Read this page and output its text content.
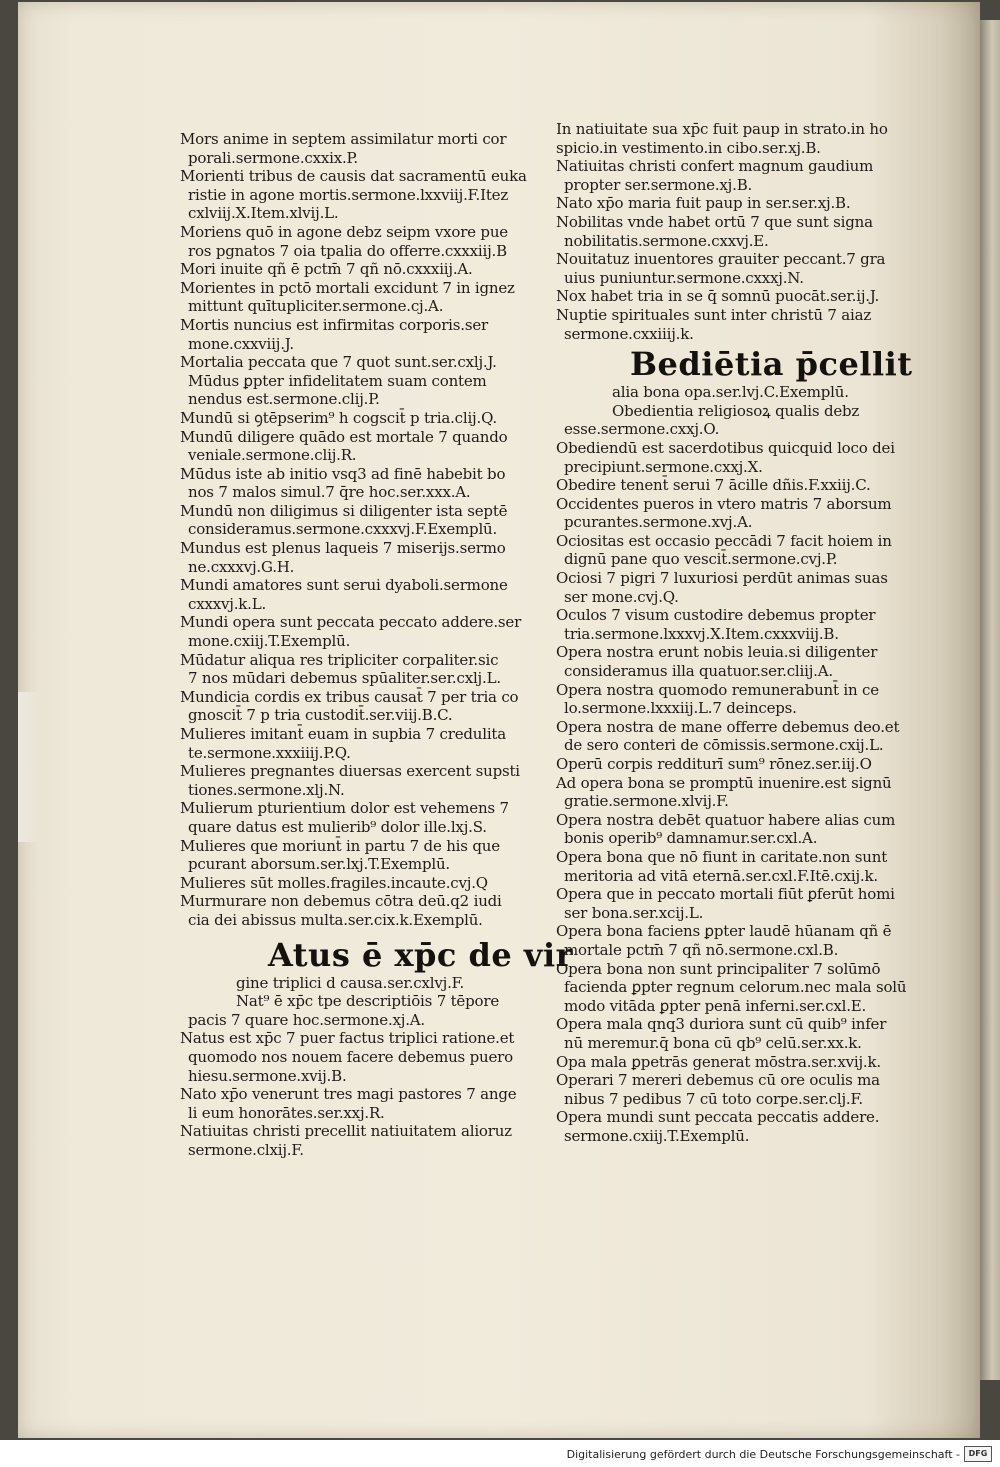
Mors anime in septem assimilatur morti cor
porali.sermone.cxxix.P.
Morienti tribus de causis dat sacramentū euka
ristie in agone mortis.sermone.lxxviij.F.Itez
cxlviij.X.Item.xlvij.L.
Moriens quō in agone debz seipm vxore pue
ros pgnatos 7 oia tpalia do offerre.cxxxiij.B
Mori inuite qñ ē pctm̄ 7 qñ nō.cxxxiij.A.
Morientes in pctō mortali excidunt 7 in ignez
mittunt quītupliciter.sermone.cj.A.
Mortis nuncius est infirmitas corporis.ser
mone.cxxviij.J.
Mortalia peccata que 7 quot sunt.ser.cxlj.J.
Mūdus ꝑpter infidelitatem suam contem
nendus est.sermone.clij.P.
Mundū si ꝯtēpserim⁹ h cogscit̄ p tria.clij.Q.
Mundū diligere quādo est mortale 7 quando
veniale.sermone.clij.R.
Mūdus iste ab initio vsq3 ad finē habebit bo
nos 7 malos simul.7 q̄re hoc.ser.xxx.A.
Mundū non diligimus si diligenter ista septē
consideramus.sermone.cxxxvj.F.Exemplū.
Mundus est plenus laqueis 7 miserijs.sermo
ne.cxxxvj.G.H.
Mundi amatores sunt serui dyaboli.sermone
cxxxvj.k.L.
Mundi opera sunt peccata peccato addere.ser
mone.cxiij.T.Exemplū.
Mūdatur aliqua res tripliciter corpaliter.sic
7 nos mūdari debemus spūaliter.ser.cxlj.L.
Mundicia cordis ex tribus causat̄ 7 per tria co
gnoscit̄ 7 p tria custodit̄.ser.viij.B.C.
Mulieres imitant̄ euam in supbia 7 credulita
te.sermone.xxxiiij.P.Q.
Mulieres pregnantes diuersas exercent supsti
tiones.sermone.xlj.N.
Mulierum pturientium dolor est vehemens 7
quare datus est mulierib⁹ dolor ille.lxj.S.
Mulieres que moriunt̄ in partu 7 de his que
pcurant aborsum.ser.lxj.T.Exemplū.
Mulieres sūt molles.fragiles.incaute.cvj.Q
Murmurare non debemus cōtra deū.q2 iudi
cia dei abissus multa.ser.cix.k.Exemplū.
Atus ē xp̄c de vir
gine triplici d causa.ser.cxlvj.F.
Nat⁹ ē xp̄c tpe descriptiōis 7 tēpore
pacis 7 quare hoc.sermone.xj.A.
Natus est xp̄c 7 puer factus triplici ratione.et
quomodo nos nouem facere debemus puero
hiesu.sermone.xvij.B.
Nato xp̄o venerunt tres magi pastores 7 ange
li eum honorātes.ser.xxj.R.
Natiuitas christi precellit natiuitatem alioruz
sermone.clxij.F.
In natiuitate sua xp̄c fuit paup in strato.in ho
spicio.in vestimento.in cibo.ser.xj.B.
Natiuitas christi confert magnum gaudium
propter ser.sermone.xj.B.
Nato xp̄o maria fuit paup in ser.ser.xj.B.
Nobilitas vnde habet ortū 7 que sunt signa
nobilitatis.sermone.cxxvj.E.
Nouitatuz inuentores grauiter peccant.7 gra
uius puniuntur.sermone.cxxxj.N.
Nox habet tria in se q̄ somnū puocāt.ser.ij.J.
Nuptie spirituales sunt inter christū 7 aiaz
sermone.cxxiiij.k.
Bediētia p̄cellit
alia bona opa.ser.lvj.C.Exemplū.
Obedientia religiosoꝝ qualis debz
esse.sermone.cxxj.O.
Obediendū est sacerdotibus quicquid loco dei
precipiunt.sermone.cxxj.X.
Obedire tenent̄ serui 7 ācille dñis.F.xxiij.C.
Occidentes pueros in vtero matris 7 aborsum
pcurantes.sermone.xvj.A.
Ociositas est occasio peccādi 7 facit hoiem in
dignū pane quo vescit̄.sermone.cvj.P.
Ociosi 7 pigri 7 luxuriosi perdūt animas suas
ser mone.cvj.Q.
Oculos 7 visum custodire debemus propter
tria.sermone.lxxxvj.X.Item.cxxxviij.B.
Opera nostra erunt nobis leuia.si diligenter
consideramus illa quatuor.ser.cliij.A.
Opera nostra quomodo remunerabunt̄ in ce
lo.sermone.lxxxiij.L.7 deinceps.
Opera nostra de mane offerre debemus deo.et
de sero conteri de cōmissis.sermone.cxij.L.
Operū corpis redditurī sum⁹ rōnez.ser.iij.O
Ad opera bona se promptū inuenire.est signū
gratie.sermone.xlvij.F.
Opera nostra debēt quatuor habere alias cum
bonis operib⁹ damnamur.ser.cxl.A.
Opera bona que nō fiunt in caritate.non sunt
meritoria ad vitā eternā.ser.cxl.F.Itē.cxij.k.
Opera que in peccato mortali fiūt ꝑferūt homi
ser bona.ser.xcij.L.
Opera bona faciens ꝑpter laudē hūanam qñ ē
mortale pctm̄ 7 qñ nō.sermone.cxl.B.
Opera bona non sunt principaliter 7 solūmō
facienda ꝑpter regnum celorum.nec mala solū
modo vitāda ꝑpter penā inferni.ser.cxl.E.
Opera mala qnq3 duriora sunt cū quib⁹ infer
nū meremur.q̄ bona cū qb⁹ celū.ser.xx.k.
Opa mala ꝑpetrās generat mōstra.ser.xvij.k.
Operari 7 mereri debemus cū ore oculis ma
nibus 7 pedibus 7 cū toto corpe.ser.clj.F.
Opera mundi sunt peccata peccatis addere.
sermone.cxiij.T.Exemplū.
Digitalisierung gefördert durch die Deutsche Forschungsgemeinschaft -	DFG
